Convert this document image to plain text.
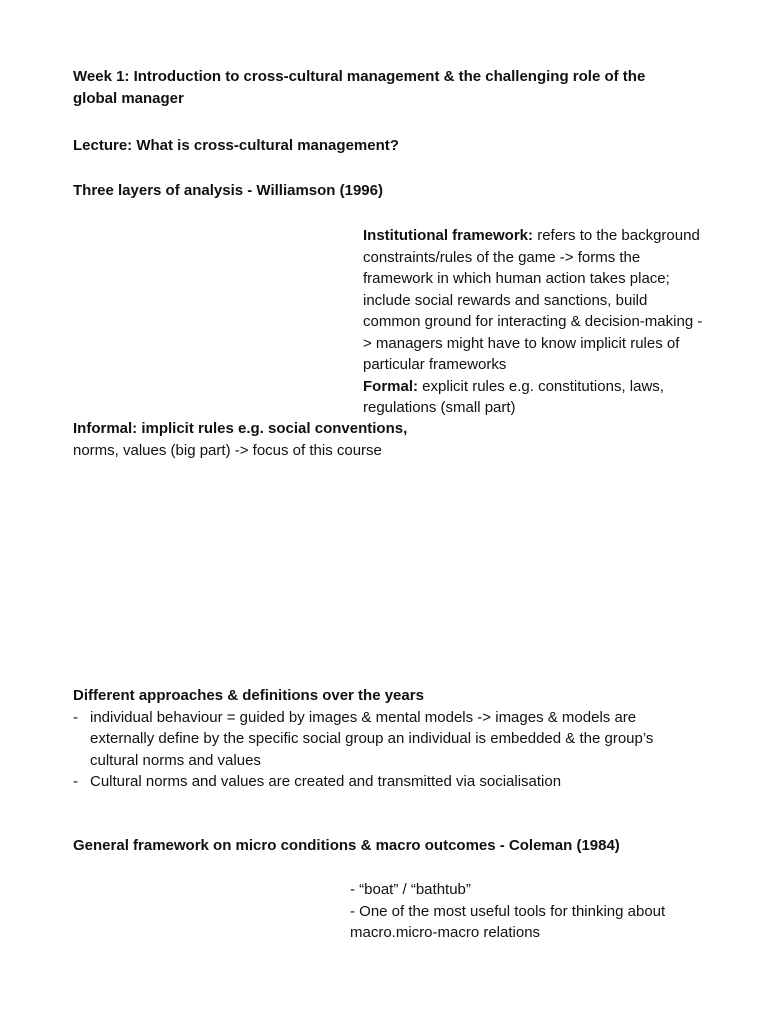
Week 1: Introduction to cross-cultural management & the challenging role of the global manager

Lecture: What is cross-cultural management?

Three layers of analysis - Williamson (1996)

Institutional framework: refers to the background constraints/rules of the game -> forms the framework in which human action takes place; include social rewards and sanctions, build common ground for interacting & decision-making -> managers might have to know implicit rules of particular frameworks

Formal: explicit rules e.g. constitutions, laws, regulations (small part)

Informal: implicit rules e.g. social conventions,

norms, values (big part) -> focus of this course

Different approaches & definitions over the years

- individual behaviour = guided by images & mental models -> images & models are externally define by the specific social group an individual is embedded & the group’s cultural norms and values
- Cultural norms and values are created and transmitted via socialisation

General framework on micro conditions & macro outcomes - Coleman (1984)

- “boat” / “bathtub”

- One of the most useful tools for thinking about macro.micro-macro relations
